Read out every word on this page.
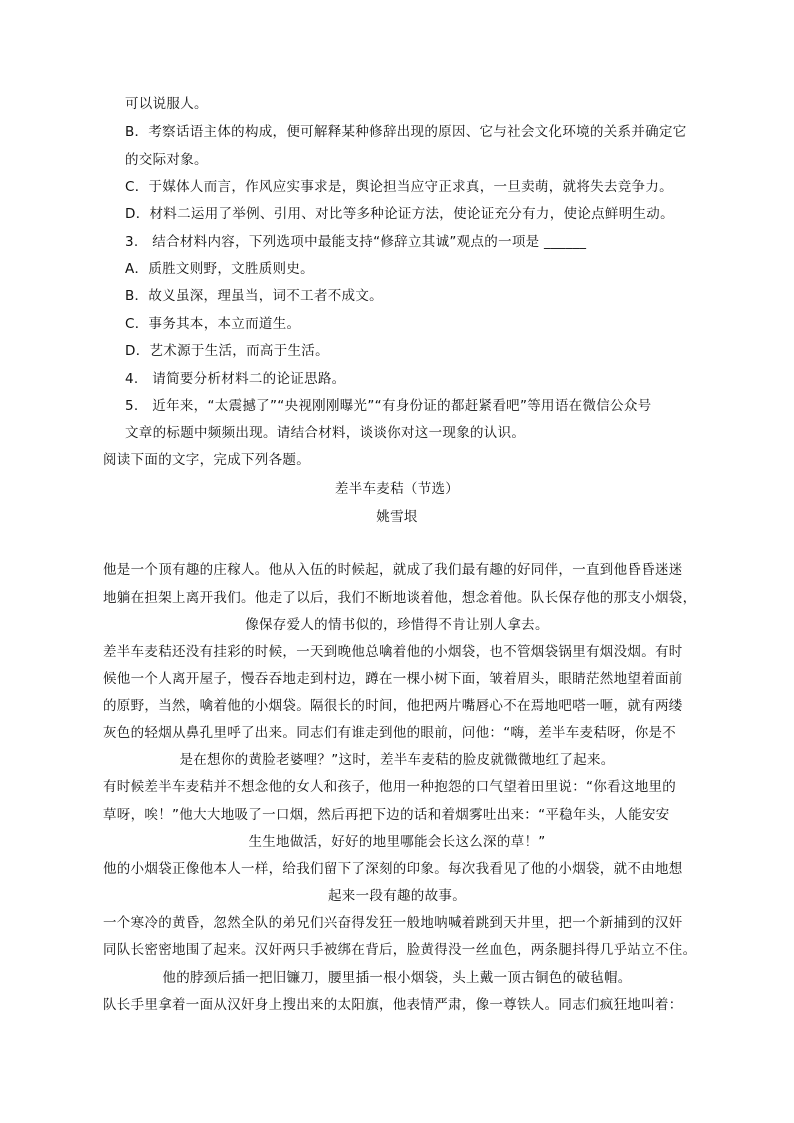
可以说服人。
B．考察话语主体的构成，便可解释某种修辞出现的原因、它与社会文化环境的关系并确定它
的交际对象。
C．于媒体人而言，作风应实事求是，舆论担当应守正求真，一旦卖萌，就将失去竞争力。
D．材料二运用了举例、引用、对比等多种论证方法，使论证充分有力，使论点鲜明生动。
3.　结合材料内容，下列选项中最能支持“修辞立其诚”观点的一项是 ______
A．质胜文则野，文胜质则史。
B．故义虽深，理虽当，词不工者不成文。
C．事务其本，本立而道生。
D．艺术源于生活，而高于生活。
4.　请简要分析材料二的论证思路。
5.　近年来，“太震撼了”“央视刚刚曝光”“有身份证的都赶紧看吧”等用语在微信公众号
文章的标题中频频出现。请结合材料，谈谈你对这一现象的认识。
阅读下面的文字，完成下列各题。
差半车麦秸（节选）
姚雪垠
他是一个顶有趣的庄稼人。他从入伍的时候起，就成了我们最有趣的好同伴，一直到他昏昏迷迷
地躺在担架上离开我们。他走了以后，我们不断地谈着他，想念着他。队长保存他的那支小烟袋，
像保存爱人的情书似的，珍惜得不肯让别人拿去。
差半车麦秸还没有挂彩的时候，一天到晚他总噙着他的小烟袋，也不管烟袋锅里有烟没烟。有时
候他一个人离开屋子，慢吞吞地走到村边，蹲在一棵小树下面，皱着眉头，眼睛茫然地望着面前
的原野，当然，噙着他的小烟袋。隔很长的时间，他把两片嘴唇心不在焉地吧嗒一咂，就有两缕
灰色的轻烟从鼻孔里呼了出来。同志们有谁走到他的眼前，问他：“嗨，差半车麦秸呀，你是不
是在想你的黄脸老婆哩？”这时，差半车麦秸的脸皮就微微地红了起来。
有时候差半车麦秸并不想念他的女人和孩子，他用一种抱怨的口气望着田里说：“你看这地里的
草呀，唉！”他大大地吸了一口烟，然后再把下边的话和着烟雾吐出来：“平稳年头，人能安安
生生地做活，好好的地里哪能会长这么深的草！”
他的小烟袋正像他本人一样，给我们留下了深刻的印象。每次我看见了他的小烟袋，就不由地想
起来一段有趣的故事。
一个寒冷的黄昏，忽然全队的弟兄们兴奋得发狂一般地呐喊着跳到天井里，把一个新捕到的汉奸
同队长密密地围了起来。汉奸两只手被绑在背后，脸黄得没一丝血色，两条腿抖得几乎站立不住。
他的脖颈后插一把旧镰刀，腰里插一根小烟袋，头上戴一顶古铜色的破毡帽。
队长手里拿着一面从汉奸身上搜出来的太阳旗，他表情严肃，像一尊铁人。同志们疯狂地叫着：
